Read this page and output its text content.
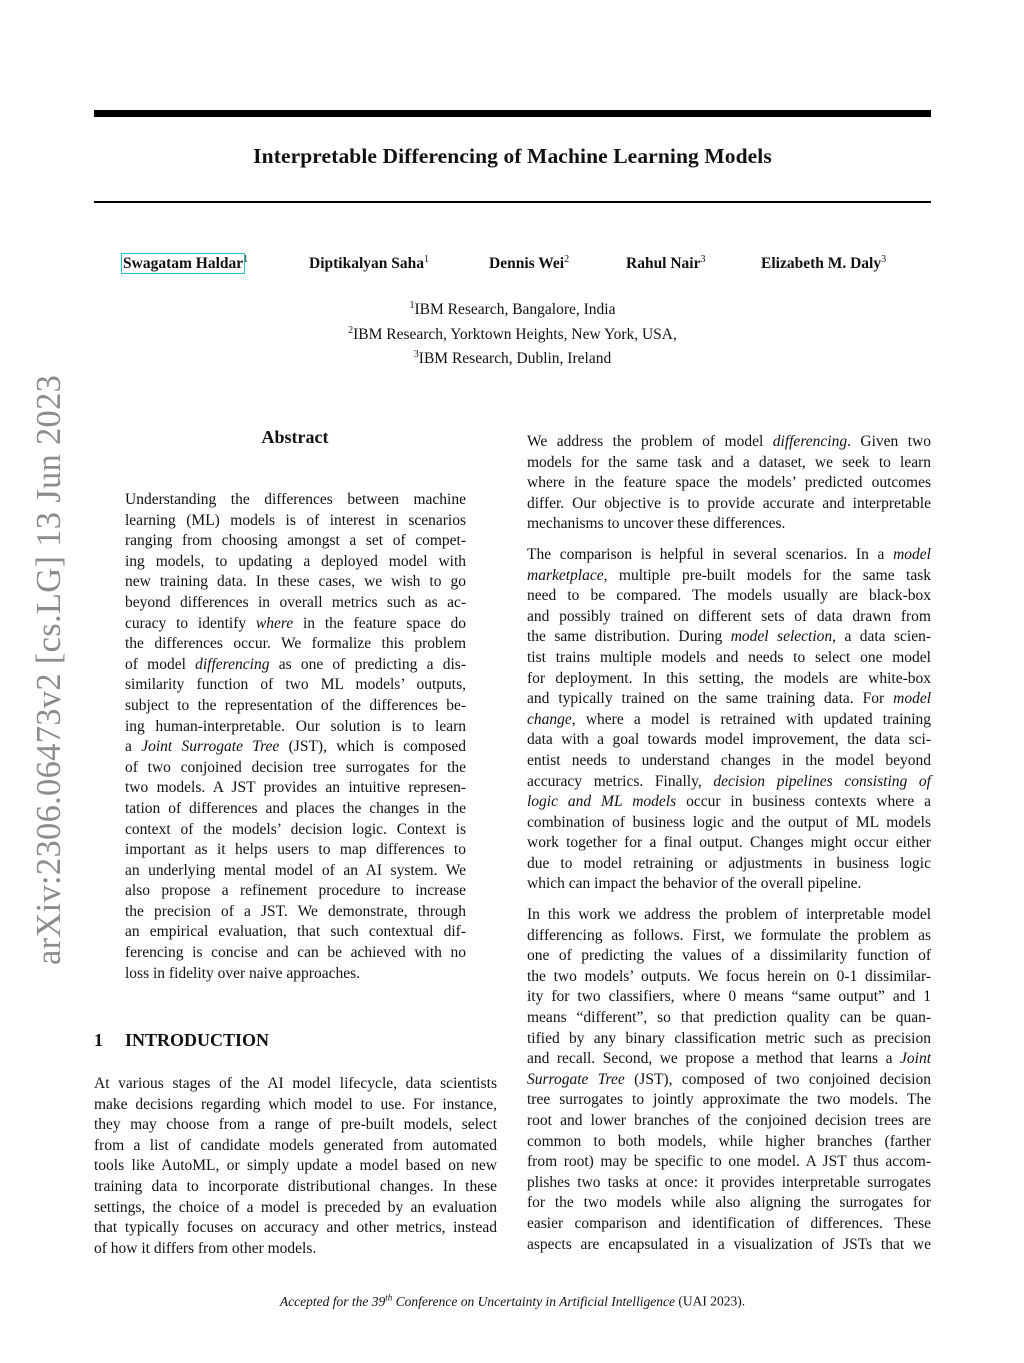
Interpretable Differencing of Machine Learning Models
Swagatam Haldar$^1$	Diptikalyan Saha$^1$	Dennis Wei$^2$	Rahul Nair$^3$	Elizabeth M. Daly$^3$
$^1$IBM Research, Bangalore, India
$^2$IBM Research, Yorktown Heights, New York, USA,
$^3$IBM Research, Dublin, Ireland
arXiv:2306.06473v2 [cs.LG] 13 Jun 2023	Abstract
Understanding the differences between machine
learning (ML) models is of interest in scenarios
ranging from choosing amongst a set of compet-
ing models, to updating a deployed model with
new training data. In these cases, we wish to go
beyond differences in overall metrics such as ac-
curacy to identify where in the feature space do
the differences occur. We formalize this problem
of model differencing as one of predicting a dis-
similarity function of two ML models’ outputs,
subject to the representation of the differences be-
ing human-interpretable. Our solution is to learn
a Joint Surrogate Tree (JST), which is composed
of two conjoined decision tree surrogates for the
two models. A JST provides an intuitive represen-
tation of differences and places the changes in the
context of the models’ decision logic. Context is
important as it helps users to map differences to
an underlying mental model of an AI system. We
also propose a refinement procedure to increase
the precision of a JST. We demonstrate, through
an empirical evaluation, that such contextual dif-
ferencing is concise and can be achieved with no
loss in fidelity over naive approaches.
1 INTRODUCTION
At various stages of the AI model lifecycle, data scientists
make decisions regarding which model to use. For instance,
they may choose from a range of pre-built models, select
from a list of candidate models generated from automated
tools like AutoML, or simply update a model based on new
training data to incorporate distributional changes. In these
settings, the choice of a model is preceded by an evaluation
that typically focuses on accuracy and other metrics, instead
of how it differs from other models.
We address the problem of model differencing. Given two
models for the same task and a dataset, we seek to learn
where in the feature space the models’ predicted outcomes
differ. Our objective is to provide accurate and interpretable
mechanisms to uncover these differences.
The comparison is helpful in several scenarios. In a model
marketplace, multiple pre-built models for the same task
need to be compared. The models usually are black-box
and possibly trained on different sets of data drawn from
the same distribution. During model selection, a data scien-
tist trains multiple models and needs to select one model
for deployment. In this setting, the models are white-box
and typically trained on the same training data. For model
change, where a model is retrained with updated training
data with a goal towards model improvement, the data sci-
entist needs to understand changes in the model beyond
accuracy metrics. Finally, decision pipelines consisting of
logic and ML models occur in business contexts where a
combination of business logic and the output of ML models
work together for a final output. Changes might occur either
due to model retraining or adjustments in business logic
which can impact the behavior of the overall pipeline.
In this work we address the problem of interpretable model
differencing as follows. First, we formulate the problem as
one of predicting the values of a dissimilarity function of
the two models’ outputs. We focus herein on 0-1 dissimilar-
ity for two classifiers, where 0 means “same output” and 1
means “different”, so that prediction quality can be quan-
tified by any binary classification metric such as precision
and recall. Second, we propose a method that learns a Joint
Surrogate Tree (JST), composed of two conjoined decision
tree surrogates to jointly approximate the two models. The
root and lower branches of the conjoined decision trees are
common to both models, while higher branches (farther
from root) may be specific to one model. A JST thus accom-
plishes two tasks at once: it provides interpretable surrogates
for the two models while also aligning the surrogates for
easier comparison and identification of differences. These
aspects are encapsulated in a visualization of JSTs that we
Accepted for the 39th Conference on Uncertainty in Artificial Intelligence (UAI 2023).
